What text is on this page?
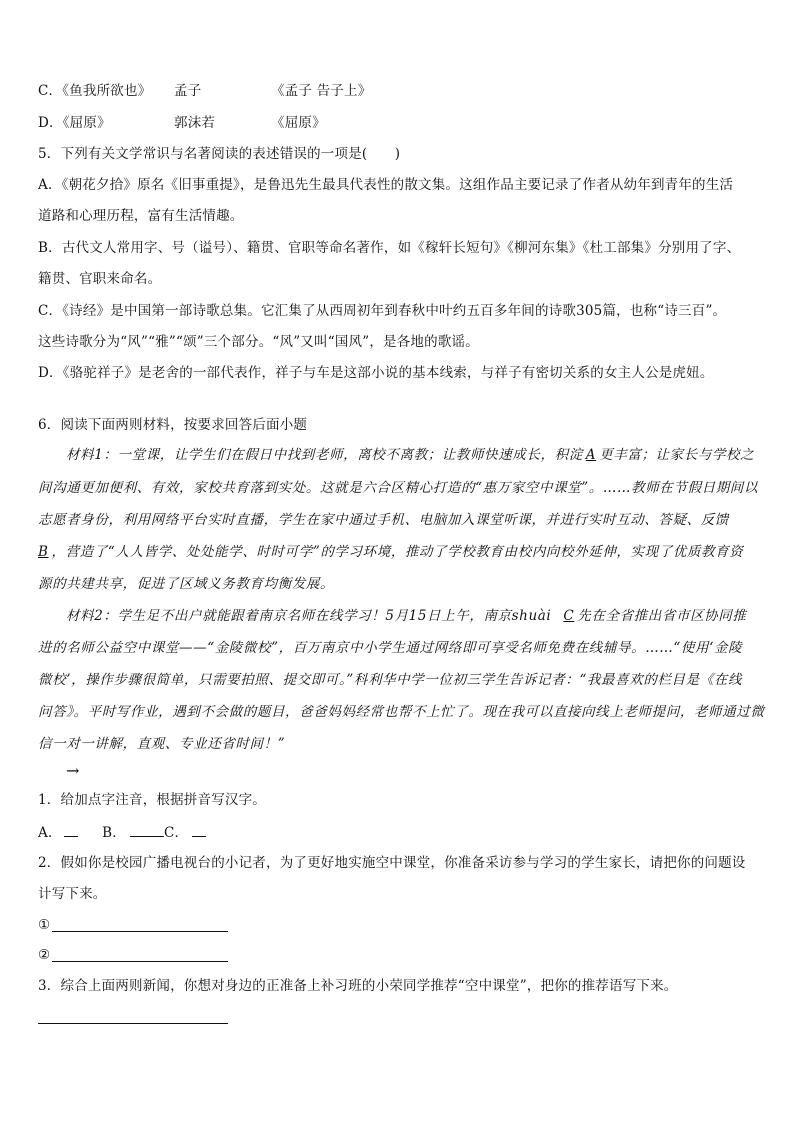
C．《鱼我所欲也》 孟子	《孟子 告子上》
D．《屈原》	郭沫若	《屈原》
5．下列有关文学常识与名著阅读的表述错误的一项是(　　)
A．《朝花夕拾》原名《旧事重提》，是鲁迅先生最具代表性的散文集。这组作品主要记录了作者从幼年到青年的生活
道路和心理历程，富有生活情趣。
B．古代文人常用字、号（谥号）、籍贯、官职等命名著作，如《稼轩长短句》《柳河东集》《杜工部集》分别用了字、
籍贯、官职来命名。
C．《诗经》是中国第一部诗歌总集。它汇集了从西周初年到春秋中叶约五百多年间的诗歌305篇，也称“诗三百”。
这些诗歌分为“风”“雅”“颂”三个部分。“风”又叫“国风”，是各地的歌谣。
D．《骆驼祥子》是老舍的一部代表作，祥子与车是这部小说的基本线索，与祥子有密切关系的女主人公是虎妞。
6．阅读下面两则材料，按要求回答后面小题
材料1：一堂课，让学生们在假日中找到老师，离校不离教；让教师快速成长，积淀 A 更丰富；让家长与学校之
间沟通更加便利、有效，家校共育落到实处。这就是六合区精心打造的“惠万家空中课堂”。……教师在节假日期间以
志愿者身份，利用网络平台实时直播，学生在家中通过手机、电脑加入课堂听课，并进行实时互动、答疑、反馈
B ，营造了“人人皆学、处处能学、时时可学”的学习环境，推动了学校教育由校内向校外延伸，实现了优质教育资
源的共建共享，促进了区域义务教育均衡发展。
材料2：学生足不出户就能跟着南京名师在线学习！5月15日上午，南京shuài C 先在全省推出省市区协同推
进的名师公益空中课堂——“金陵微校”，百万南京中小学生通过网络即可享受名师免费在线辅导。……“使用‘金陵
微校’，操作步骤很简单，只需要拍照、提交即可。”科利华中学一位初三学生告诉记者：“我最喜欢的栏目是《在线
问答》。平时写作业，遇到不会做的题目，爸爸妈妈经常也帮不上忙了。现在我可以直接向线上老师提问，老师通过微
信一对一讲解，直观、专业还省时间！”
→
1．给加点字注音，根据拼音写汉字。
A．	B．	C．
2．假如你是校园广播电视台的小记者，为了更好地实施空中课堂，你准备采访参与学习的学生家长，请把你的问题设
计写下来。
①
②
3．综合上面两则新闻，你想对身边的正准备上补习班的小荣同学推荐“空中课堂”，把你的推荐语写下来。
